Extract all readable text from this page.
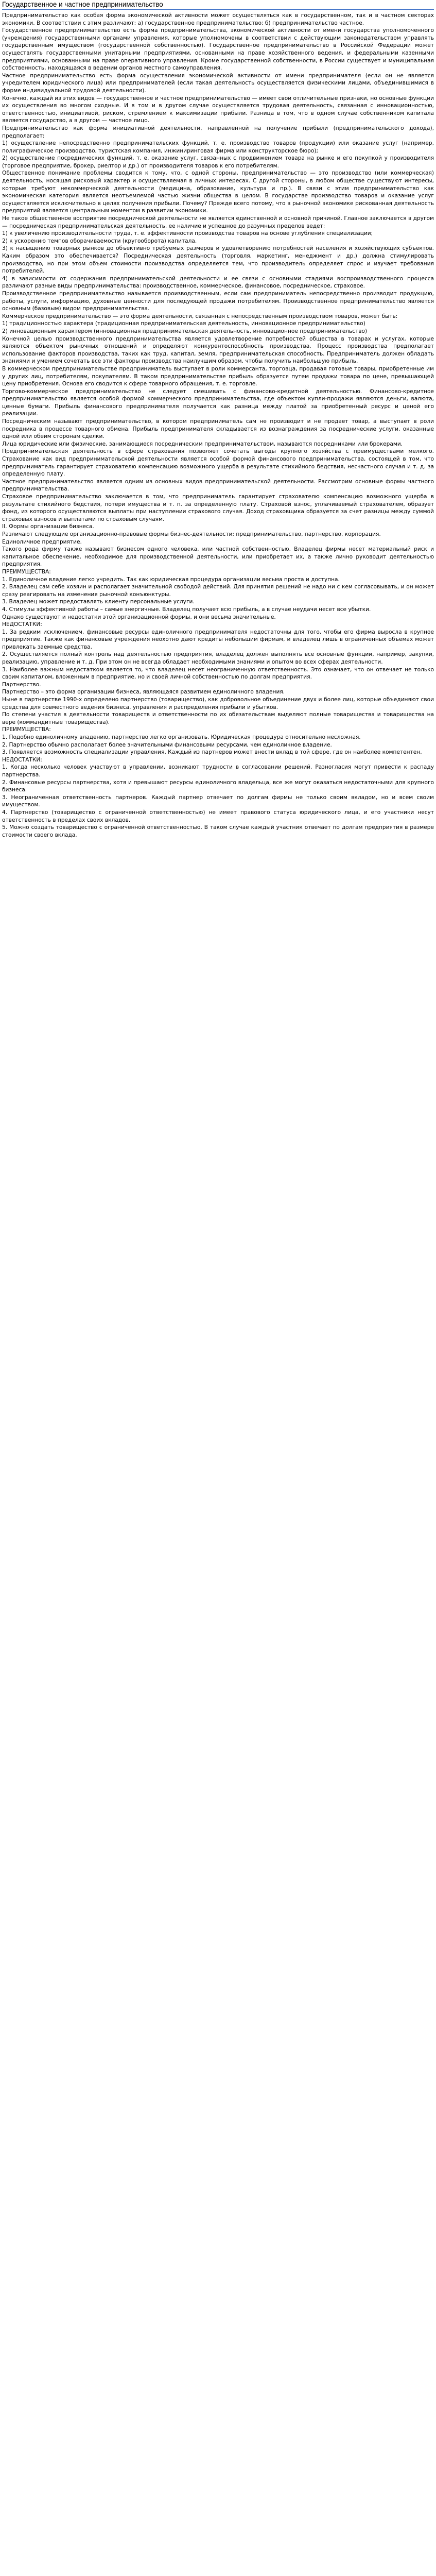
Государственное и частное предпринимательство

Предпринимательство как особая форма экономической активности может осуществляться как в государственном, так и в частном секторах экономики. В соответствии с этим различают: а) государственное предпринимательство; б) предпринимательство частное.

Государственное предпринимательство есть форма предпринимательства, экономической активности от имени государства уполномоченного (учреждения) государственными органами управления, которые уполномочены в соответствии с действующим законодательством управлять государственным имуществом (государственной собственностью). Государственное предпринимательство в Российской Федерации может осуществлять государственными унитарными предприятиями, основанными на праве хозяйственного ведения, и федеральными казенными предприятиями, основанными на праве оперативного управления. Кроме государственной собственности, в России существует и муниципальная собственность, находящаяся в ведении органов местного самоуправления.

Частное предпринимательство есть форма осуществления экономической активности от имени предпринимателя (если он не является учредителем юридического лица) или предпринимателей (если такая деятельность осуществляется физическими лицами, объединившимися в форме индивидуальной трудовой деятельности).

Конечно, каждый из этих видов — государственное и частное предпринимательство — имеет свои отличительные признаки, но основные функции их осуществления во многом сходные. И в том и в другом случае осуществляется трудовая деятельность, связанная с инновационностью, ответственностью, инициативой, риском, стремлением к максимизации прибыли. Разница в том, что в одном случае собственником капитала является государство, а в другом — частное лицо.

Предпринимательство как форма инициативной деятельности, направленной на получение прибыли (предпринимательского дохода), предполагает:

1) осуществление непосредственно предпринимательских функций, т. е. производство товаров (продукции) или оказание услуг (например, полиграфическое производство, туристская компания, инжиниринговая фирма или конструкторское бюро);

2) осуществление посреднических функций, т. е. оказание услуг, связанных с продвижением товара на рынке и его покупкой у производителя (торговое предприятие, брокер, риелтор и др.) от производителя товаров к его потребителям.

Общественное понимание проблемы сводится к тому, что, с одной стороны, предпринимательство — это производство (или коммерческая) деятельность, носящая рисковый характер и осуществляемая в личных интересах. С другой стороны, в любом обществе существуют интересы, которые требуют некоммерческой деятельности (медицина, образование, культура и пр.). В связи с этим предпринимательство как экономическая категория является неотъемлемой частью жизни общества в целом. В государстве производство товаров и оказание услуг осуществляется исключительно в целях получения прибыли. Почему? Прежде всего потому, что в рыночной экономике рискованная деятельность предприятий является центральным моментом в развитии экономики.

Не такое общественное восприятие посреднической деятельности не является единственной и основной причиной. Главное заключается в другом — посредническая предпринимательская деятельность, ее наличие и успешное до разумных пределов ведет:

1) к увеличению производительности труда, т. е. эффективности производства товаров на основе углубления специализации;

2) к ускорению темпов оборачиваемости (кругооборота) капитала.

3) к насыщению товарных рынков до объективно требуемых размеров и удовлетворению потребностей населения и хозяйствующих субъектов. Каким образом это обеспечивается? Посредническая деятельность (торговля, маркетинг, менеджмент и др.) должна стимулировать производство, но при этом объем стоимости производства определяется тем, что производитель определяет спрос и изучает требования потребителей.

4) в зависимости от содержания предпринимательской деятельности и ее связи с основными стадиями воспроизводственного процесса различают разные виды предпринимательства: производственное, коммерческое, финансовое, посредническое, страховое.

Производственное предпринимательство называется производственным, если сам предприниматель непосредственно производит продукцию, работы, услуги, информацию, духовные ценности для последующей продажи потребителям. Производственное предпринимательство является основным (базовым) видом предпринимательства.

Коммерческое предпринимательство — это форма деятельности, связанная с непосредственным производством товаров, может быть:

1) традиционностью характера (традиционная предпринимательская деятельность, инновационное предпринимательство)

2) инновационным характером (инновационная предпринимательская деятельность, инновационное предпринимательство)

Конечной целью производственного предпринимательства является удовлетворение потребностей общества в товарах и услугах, которые являются объектом рыночных отношений и определяют конкурентоспособность производства. Процесс производства предполагает использование факторов производства, таких как труд, капитал, земля, предпринимательская способность. Предприниматель должен обладать знаниями и умением сочетать все эти факторы производства наилучшим образом, чтобы получить наибольшую прибыль.

В коммерческом предпринимательстве предприниматель выступает в роли коммерсанта, торговца, продавая готовые товары, приобретенные им у других лиц, потребителям, покупателям. В таком предпринимательстве прибыль образуется путем продажи товара по цене, превышающей цену приобретения. Основа его сводится к сфере товарного обращения, т. е. торговле.

Торгово-коммерческое предпринимательство не следует смешивать с финансово-кредитной деятельностью. Финансово-кредитное предпринимательство является особой формой коммерческого предпринимательства, где объектом купли-продажи являются деньги, валюта, ценные бумаги. Прибыль финансового предпринимателя получается как разница между платой за приобретенный ресурс и ценой его реализации.

Посредническим называют предпринимательство, в котором предприниматель сам не производит и не продает товар, а выступает в роли посредника в процессе товарного обмена. Прибыль предпринимателя складывается из вознаграждения за посреднические услуги, оказанные одной или обеим сторонам сделки.

Лица юридические или физические, занимающиеся посредническим предпринимательством, называются посредниками или брокерами.

Предпринимательская деятельность в сфере страхования позволяет сочетать выгоды крупного хозяйства с преимуществами мелкого. Страхование как вид предпринимательской деятельности является особой формой финансового предпринимательства, состоящей в том, что предприниматель гарантирует страхователю компенсацию возможного ущерба в результате стихийного бедствия, несчастного случая и т. д. за определенную плату.

Частное предпринимательство является одним из основных видов предпринимательской деятельности. Рассмотрим основные формы частного предпринимательства.

Страховое предпринимательство заключается в том, что предприниматель гарантирует страхователю компенсацию возможного ущерба в результате стихийного бедствия, потери имущества и т. п. за определенную плату. Страховой взнос, уплачиваемый страхователем, образует фонд, из которого осуществляются выплаты при наступлении страхового случая. Доход страховщика образуется за счет разницы между суммой страховых взносов и выплатами по страховым случаям.

II. Формы организации бизнеса.

Различают следующие организационно-правовые формы бизнес-деятельности: предпринимательство, партнерство, корпорация.

Единоличное предприятие.

Такого рода фирму также называют бизнесом одного человека, или частной собственностью. Владелец фирмы несет материальный риск и капитальное обеспечение, необходимое для производственной деятельности, или приобретает их, а также лично руководит деятельностью предприятия.

ПРЕИМУЩЕСТВА:

1. Единоличное владение легко учредить. Так как юридическая процедура организации весьма проста и доступна.

2. Владелец сам себе хозяин и располагает значительной свободой действий. Для принятия решений не надо ни с кем согласовывать, и он может сразу реагировать на изменения рыночной конъюнктуры.

3. Владелец может предоставлять клиенту персональные услуги.

4. Стимулы эффективной работы – самые энергичные. Владелец получает всю прибыль, а в случае неудачи несет все убытки.

Однако существуют и недостатки этой организационной формы, и они весьма значительные.

НЕДОСТАТКИ:

1. За редким исключением, финансовые ресурсы единоличного предпринимателя недостаточны для того, чтобы его фирма выросла в крупное предприятие. Также как финансовые учреждения неохотно дают кредиты небольшим фирмам, и владелец лишь в ограниченных объемах может привлекать заемные средства.

2. Осуществляется полный контроль над деятельностью предприятия, владелец должен выполнять все основные функции, например, закупки, реализацию, управление и т. д. При этом он не всегда обладает необходимыми знаниями и опытом во всех сферах деятельности.

3. Наиболее важным недостатком является то, что владелец несет неограниченную ответственность. Это означает, что он отвечает не только своим капиталом, вложенным в предприятие, но и своей личной собственностью по долгам предприятия.

Партнерство.

Партнерство – это форма организации бизнеса, являющаяся развитием единоличного владения.

Ныне в партнерстве 1990-х определено партнерство (товарищество), как добровольное объединение двух и более лиц, которые объединяют свои средства для совместного ведения бизнеса, управления и распределения прибыли и убытков.

По степени участия в деятельности товариществ и ответственности по их обязательствам выделяют полные товарищества и товарищества на вере (коммандитные товарищества).

ПРЕИМУЩЕСТВА:

1. Подобно единоличному владению, партнерство легко организовать. Юридическая процедура относительно несложная.

2. Партнерство обычно располагает более значительными финансовыми ресурсами, чем единоличное владение.

3. Появляется возможность специализации управления. Каждый из партнеров может внести вклад в той сфере, где он наиболее компетентен.

НЕДОСТАТКИ:

1. Когда несколько человек участвуют в управлении, возникают трудности в согласовании решений. Разногласия могут привести к распаду партнерства.

2. Финансовые ресурсы партнерства, хотя и превышают ресурсы единоличного владельца, все же могут оказаться недостаточными для крупного бизнеса.

3. Неограниченная ответственность партнеров. Каждый партнер отвечает по долгам фирмы не только своим вкладом, но и всем своим имуществом.

4. Партнерство (товарищество с ограниченной ответственностью) не имеет правового статуса юридического лица, и его участники несут ответственность в пределах своих вкладов.

5. Можно создать товарищество с ограниченной ответственностью. В таком случае каждый участник отвечает по долгам предприятия в размере стоимости своего вклада.
